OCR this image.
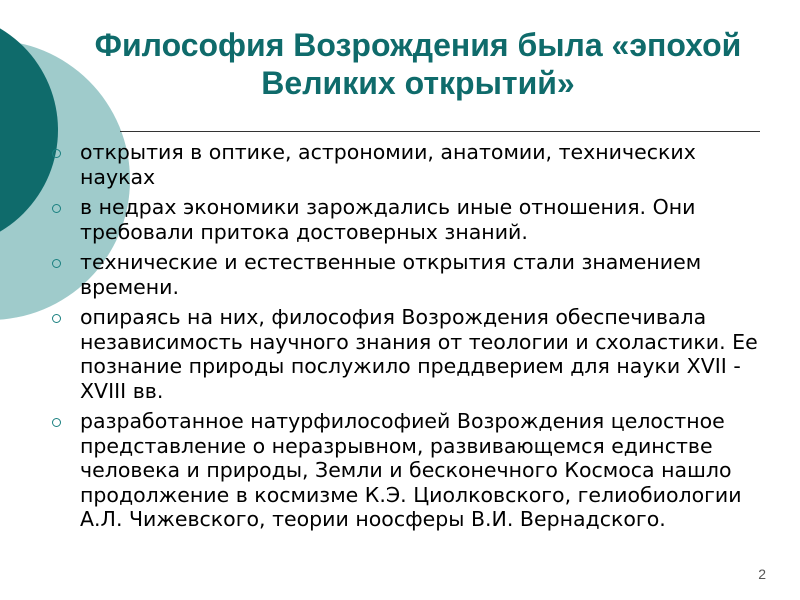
Философия Возрождения была «эпохой
Великих открытий»
открытия в оптике, астрономии, анатомии, технических науках
в недрах экономики зарождались иные отношения. Они требовали притока достоверных знаний.
технические и естественные открытия стали знамением времени.
опираясь на них, философия Возрождения обеспечивала независимость научного знания от теологии и схоластики. Ее познание природы послужило преддверием для науки XVII - XVIII вв.
разработанное натурфилософией Возрождения целостное представление о неразрывном, развивающемся единстве человека и природы, Земли и бесконечного Космоса нашло продолжение в космизме К.Э. Циолковского, гелиобиологии А.Л. Чижевского, теории ноосферы В.И. Вернадского.
2
